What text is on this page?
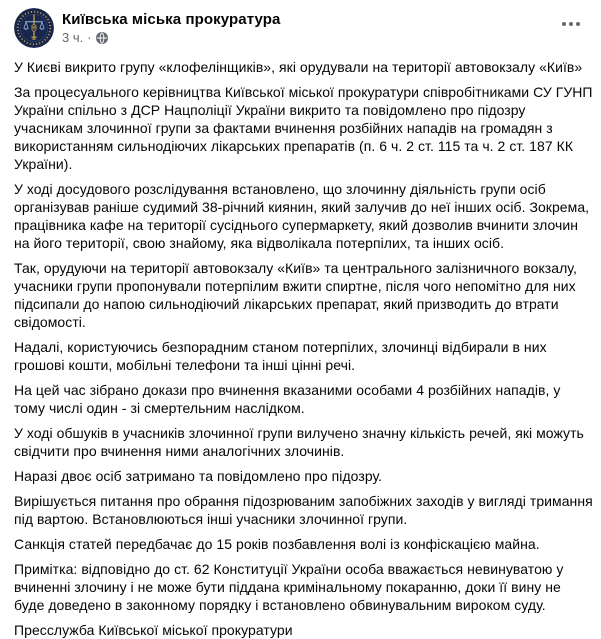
Київська міська прокуратура
3 ч. ·

У Києві викрито групу «клофелінщиків», які орудували на території автовокзалу «Київ»

За процесуального керівництва Київської міської прокуратури співробітниками СУ ГУНП України спільно з ДСР Нацполіції України викрито та повідомлено про підозру учасникам злочинної групи за фактами вчинення розбійних нападів на громадян з використанням сильнодіючих лікарських препаратів (п. 6 ч. 2 ст. 115 та ч. 2 ст. 187 КК України).

У ході досудового розслідування встановлено, що злочинну діяльність групи осіб організував раніше судимий 38-річний киянин, який залучив до неї інших осіб. Зокрема, працівника кафе на території сусіднього супермаркету, який дозволив вчинити злочин на його території, свою знайому, яка відволікала потерпілих, та інших осіб.

Так, орудуючи на території автовокзалу «Київ» та центрального залізничного вокзалу, учасники групи пропонували потерпілим вжити спиртне, після чого непомітно для них підсипали до напою сильнодіючий лікарських препарат, який призводить до втрати свідомості.

Надалі, користуючись безпорадним станом потерпілих, злочинці відбирали в них грошові кошти, мобільні телефони та інші цінні речі.

На цей час зібрано докази про вчинення вказаними особами 4 розбійних нападів, у тому числі один - зі смертельним наслідком.

У ході обшуків в учасників злочинної групи вилучено значну кількість речей, які можуть свідчити про вчинення ними аналогічних злочинів.

Наразі двоє осіб затримано та повідомлено про підозру.

Вирішується питання про обрання підозрюваним запобіжних заходів у вигляді тримання під вартою. Встановлюються інші учасники злочинної групи.

Санкція статей передбачає до 15 років позбавлення волі із конфіскацією майна.

Примітка: відповідно до ст. 62 Конституції України особа вважається невинуватою у вчиненні злочину і не може бути піддана кримінальному покаранню, доки її вину не буде доведено в законному порядку і встановлено обвинувальним вироком суду.

Пресслужба Київської міської прокуратури
